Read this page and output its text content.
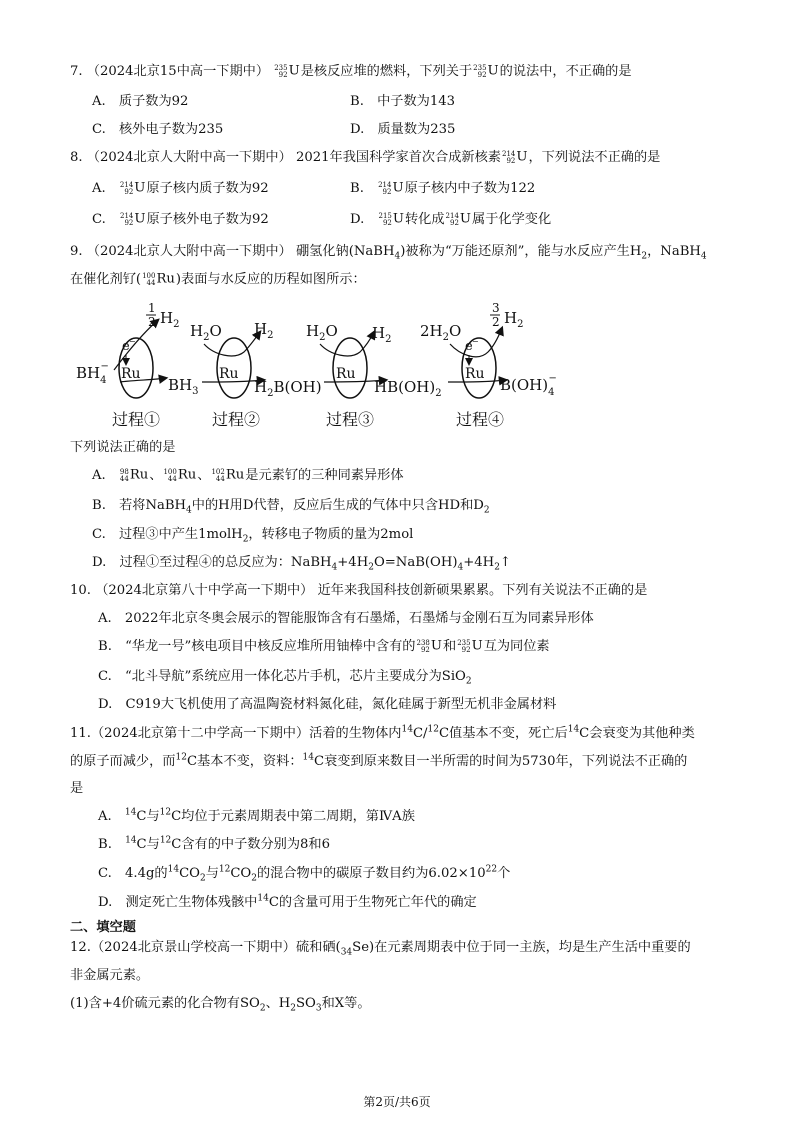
7. （2024北京15中高一下期中） 235
92 U是核反应堆的燃料，下列关于 235
92 U的说法中，不正确的是
A.　质子数为92	B.　中子数为143
C.　核外电子数为235	D.　质量数为235
8. （2024北京人大附中高一下期中） 2021年我国科学家首次合成新核素 214
92 U，下列说法不正确的是
A.　 214
92 U原子核内质子数为92	B.　 214
92 U原子核内中子数为122
C.　 214
92 U原子核外电子数为92	D.　 215
92 U转化成 214
92 U属于化学变化
9. （2024北京人大附中高一下期中） 硼氢化钠(NaBH$_4$)被称为“万能还原剂”，能与水反应产生$H_2$，NaBH$_4$
在催化剂钌( 100
44 Ru)表面与水反应的历程如图所示：
$BH_4-$
e −
Ru
1
2 $H_2$
$BH_3$
过程①
$H_2O$
Ru
$H_2$
$H_2B(OH)$
过程②
$H_2O$
Ru
$H_2$
$HB(OH)_2$
过程③
$2H_2O$
e −
Ru
3
2 $H_2$
$B(OH)_4-$
过程④
下列说法正确的是
A.　 98
44 Ru、 100
44 Ru、 102
44 Ru是元素钌的三种同素异形体
B.　若将NaBH$_4$中的H用D代替，反应后生成的气体中只含HD和$D_2$
C.　过程③中产生1molH$_2$，转移电子物质的量为2mol
D.　过程①至过程④的总反应为：$NaBH_4+4H_2O=NaB(OH)_4+4H_2↑$
10. （2024北京第八十中学高一下期中） 近年来我国科技创新硕果累累。下列有关说法不正确的是
A.　2022年北京冬奥会展示的智能服饰含有石墨烯，石墨烯与金刚石互为同素异形体
B.　“华龙一号”核电项目中核反应堆所用铀棒中含有的 238
92 U和 235
92 U互为同位素
C.　“北斗导航”系统应用一体化芯片手机，芯片主要成分为SiO$_2$
D.　C919大飞机使用了高温陶瓷材料氮化硅，氮化硅属于新型无机非金属材料
11.（2024北京第十二中学高一下期中）活着的生物体内$^{14}$C/$^{12}$C值基本不变，死亡后$^{14}$C会衰变为其他种类
的原子而减少，而$^{12}$C基本不变，资料：$^{14}$C衰变到原来数目一半所需的时间为5730年，下列说法不正确的
是
A.　$^{14}$C与$^{12}$C均位于元素周期表中第二周期，第ⅣA族
B.　$^{14}$C与$^{12}$C含有的中子数分别为8和6
C.　4.4g的$^{14}CO_2$与$^{12}CO_2$的混合物中的碳原子数目约为$6.02\times 10^{22}$个
D.　测定死亡生物体残骸中$^{14}$C的含量可用于生物死亡年代的确定
二、填空题
12.（2024北京景山学校高一下期中）硫和硒$(_{34}Se)$在元素周期表中位于同一主族，均是生产生活中重要的
非金属元素。
(1)含+4价硫元素的化合物有$SO_2$、$H_2SO_3$和X等。
第2页/共6页
